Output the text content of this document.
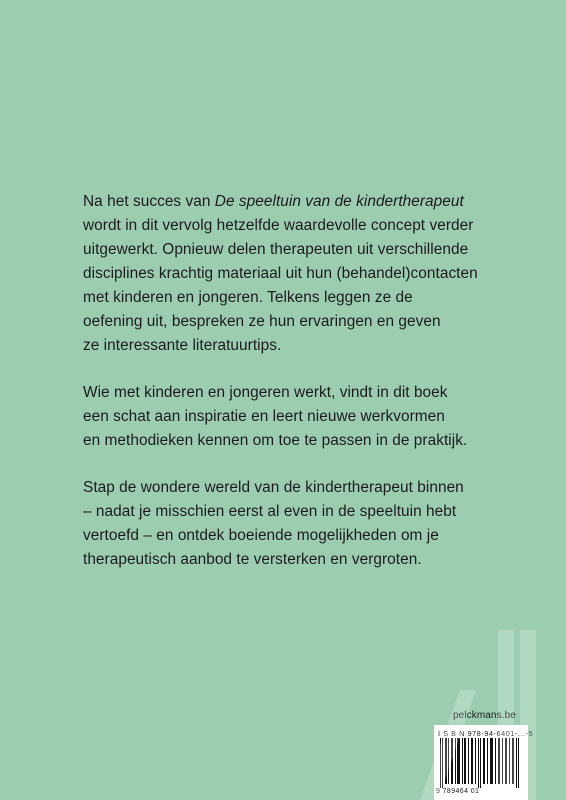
Na het succes van De speeltuin van de kindertherapeut
wordt in dit vervolg hetzelfde waardevolle concept verder
uitgewerkt. Opnieuw delen therapeuten uit verschillende
disciplines krachtig materiaal uit hun (behandel)contacten
met kinderen en jongeren. Telkens leggen ze de
oefening uit, bespreken ze hun ervaringen en geven
ze interessante literatuurtips.

Wie met kinderen en jongeren werkt, vindt in dit boek
een schat aan inspiratie en leert nieuwe werkvormen
en methodieken kennen om toe te passen in de praktijk.

Stap de wondere wereld van de kindertherapeut binnen
– nadat je misschien eerst al even in de speeltuin hebt
vertoefd – en ontdek boeiende mogelijkheden om je
therapeutisch aanbod te versterken en vergroten.

pelckmans.be
I S B N 978-94-6401-...-5
9 789464 01
